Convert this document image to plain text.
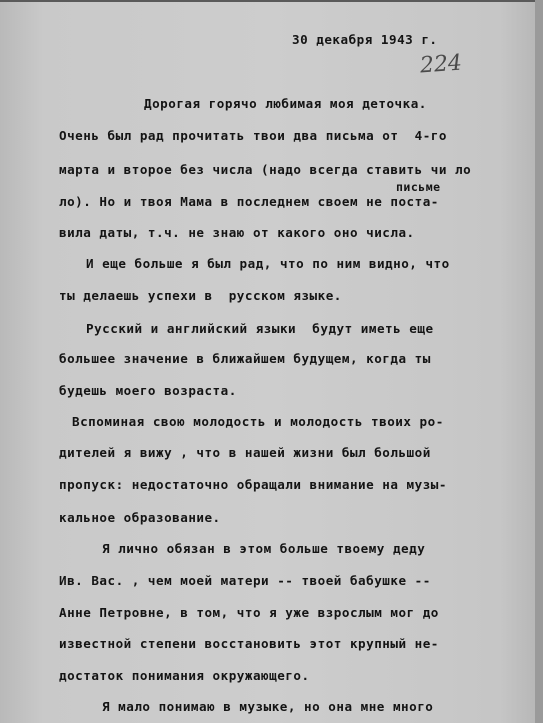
30 декабря 1943 г.
224
письме
Дорогая горячо любимая моя деточка.
Очень был рад прочитать твои два письма от  4-го
марта и второе без числа (надо всегда ставить чи ло
ло). Но и твоя Мама в последнем своем не поста-
вила даты, т.ч. не знаю от какого оно числа.
И еще больше я был рад, что по ним видно, что
ты делаешь успехи в  русском языке.
Русский и английский языки  будут иметь еще
большее значение в ближайшем будущем, когда ты
будешь моего возраста.
Вспоминая свою молодость и молодость твоих ро-
дителей я вижу , что в нашей жизни был большой
пропуск: недостаточно обращали внимание на музы-
кальное образование.
Я лично обязан в этом больше твоему деду
Ив. Вас. , чем моей матери -- твоей бабушке --
Анне Петровне, в том, что я уже взрослым мог до
известной степени восстановить этот крупный не-
достаток понимания окружающего.
Я мало понимаю в музыке, но она мне много
